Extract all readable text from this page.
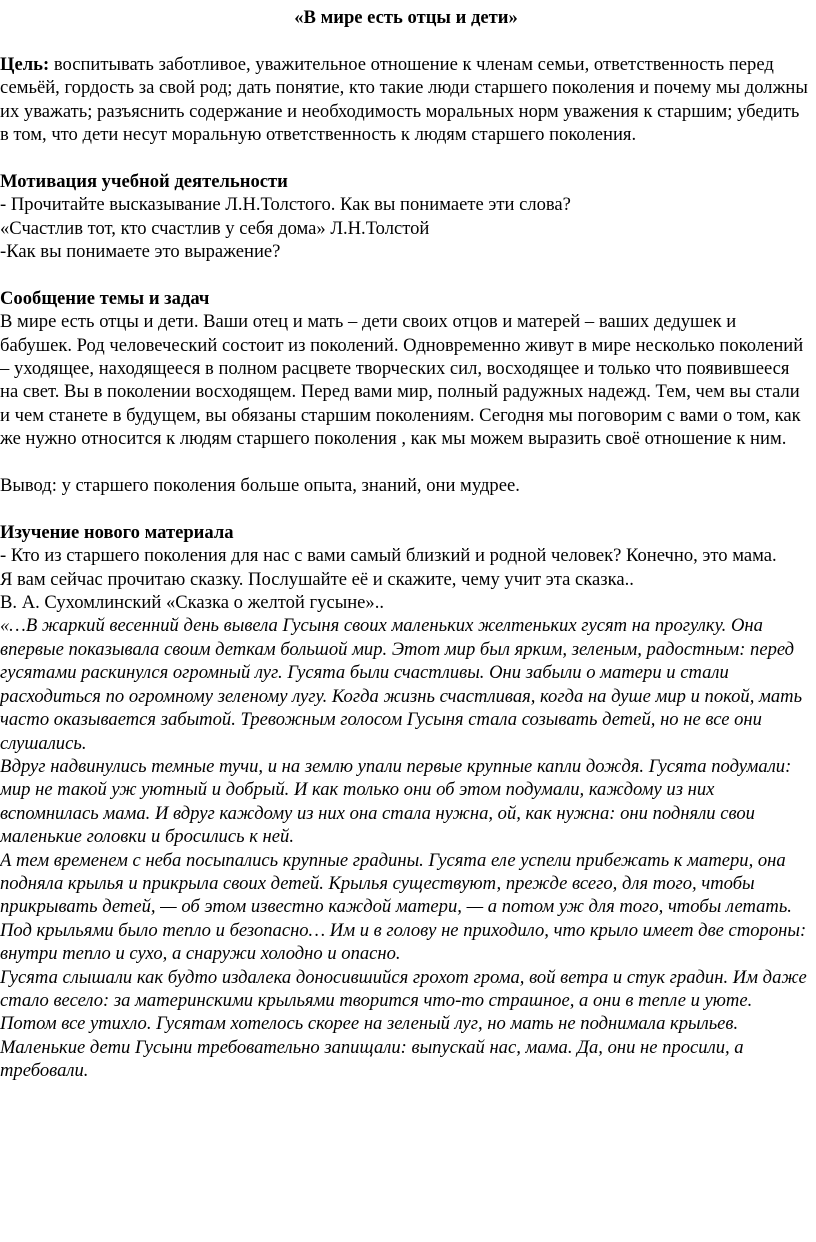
«В мире есть отцы и дети»

Цель: воспитывать заботливое, уважительное отношение к членам семьи, ответственность перед семьёй, гордость за свой род; дать понятие, кто такие люди старшего поколения и почему мы должны их уважать; разъяснить содержание и необходимость моральных норм уважения к старшим; убедить в том, что дети несут моральную ответственность к людям старшего поколения.

Мотивация учебной деятельности

- Прочитайте высказывание Л.Н.Толстого. Как вы понимаете эти слова?

«Счастлив тот, кто счастлив у себя дома» Л.Н.Толстой

-Как вы понимаете это выражение?

Сообщение темы и задач

В мире есть отцы и дети. Ваши отец и мать – дети своих отцов и матерей – ваших дедушек и бабушек. Род человеческий состоит из поколений. Одновременно живут в мире несколько поколений – уходящее, находящееся в полном расцвете творческих сил, восходящее и только что появившееся на свет. Вы в поколении восходящем. Перед вами мир, полный радужных надежд. Тем, чем вы стали и чем станете в будущем, вы обязаны старшим поколениям. Сегодня мы поговорим с вами о том, как же нужно относится к людям старшего поколения , как мы можем выразить своё отношение к ним.

Вывод: у старшего поколения больше опыта, знаний, они мудрее.

Изучение нового материала

- Кто из старшего поколения для нас с вами самый близкий и родной человек? Конечно, это мама.

Я вам сейчас прочитаю сказку. Послушайте её и скажите, чему учит эта сказка..

В. А. Сухомлинский «Сказка о желтой гусыне»..

«…В жаркий весенний день вывела Гусыня своих маленьких желтеньких гусят на прогулку. Она впервые показывала своим деткам большой мир. Этот мир был ярким, зеленым, радостным: перед гусятами раскинулся огромный луг. Гусята были счастливы. Они забыли о матери и стали расходиться по огромному зеленому лугу. Когда жизнь счастливая, когда на душе мир и покой, мать часто оказывается забытой. Тревожным голосом Гусыня стала созывать детей, но не все они слушались.

Вдруг надвинулись темные тучи, и на землю упали первые крупные капли дождя. Гусята подумали: мир не такой уж уютный и добрый. И как только они об этом подумали, каждому из них вспомнилась мама. И вдруг каждому из них она стала нужна, ой, как нужна: они подняли свои маленькие головки и бросились к ней.

А тем временем с неба посыпались крупные градины. Гусята еле успели прибежать к матери, она подняла крылья и прикрыла своих детей. Крылья существуют, прежде всего, для того, чтобы прикрывать детей, — об этом известно каждой матери, — а потом уж для того, чтобы летать.

Под крыльями было тепло и безопасно… Им и в голову не приходило, что крыло имеет две стороны: внутри тепло и сухо, а снаружи холодно и опасно.

Гусята слышали как будто издалека доносившийся грохот грома, вой ветра и стук градин. Им даже стало весело: за материнскими крыльями творится что-то страшное, а они в тепле и уюте.

Потом все утихло. Гусятам хотелось скорее на зеленый луг, но мать не поднимала крыльев. Маленькие дети Гусыни требовательно запищали: выпускай нас, мама. Да, они не просили, а требовали.
